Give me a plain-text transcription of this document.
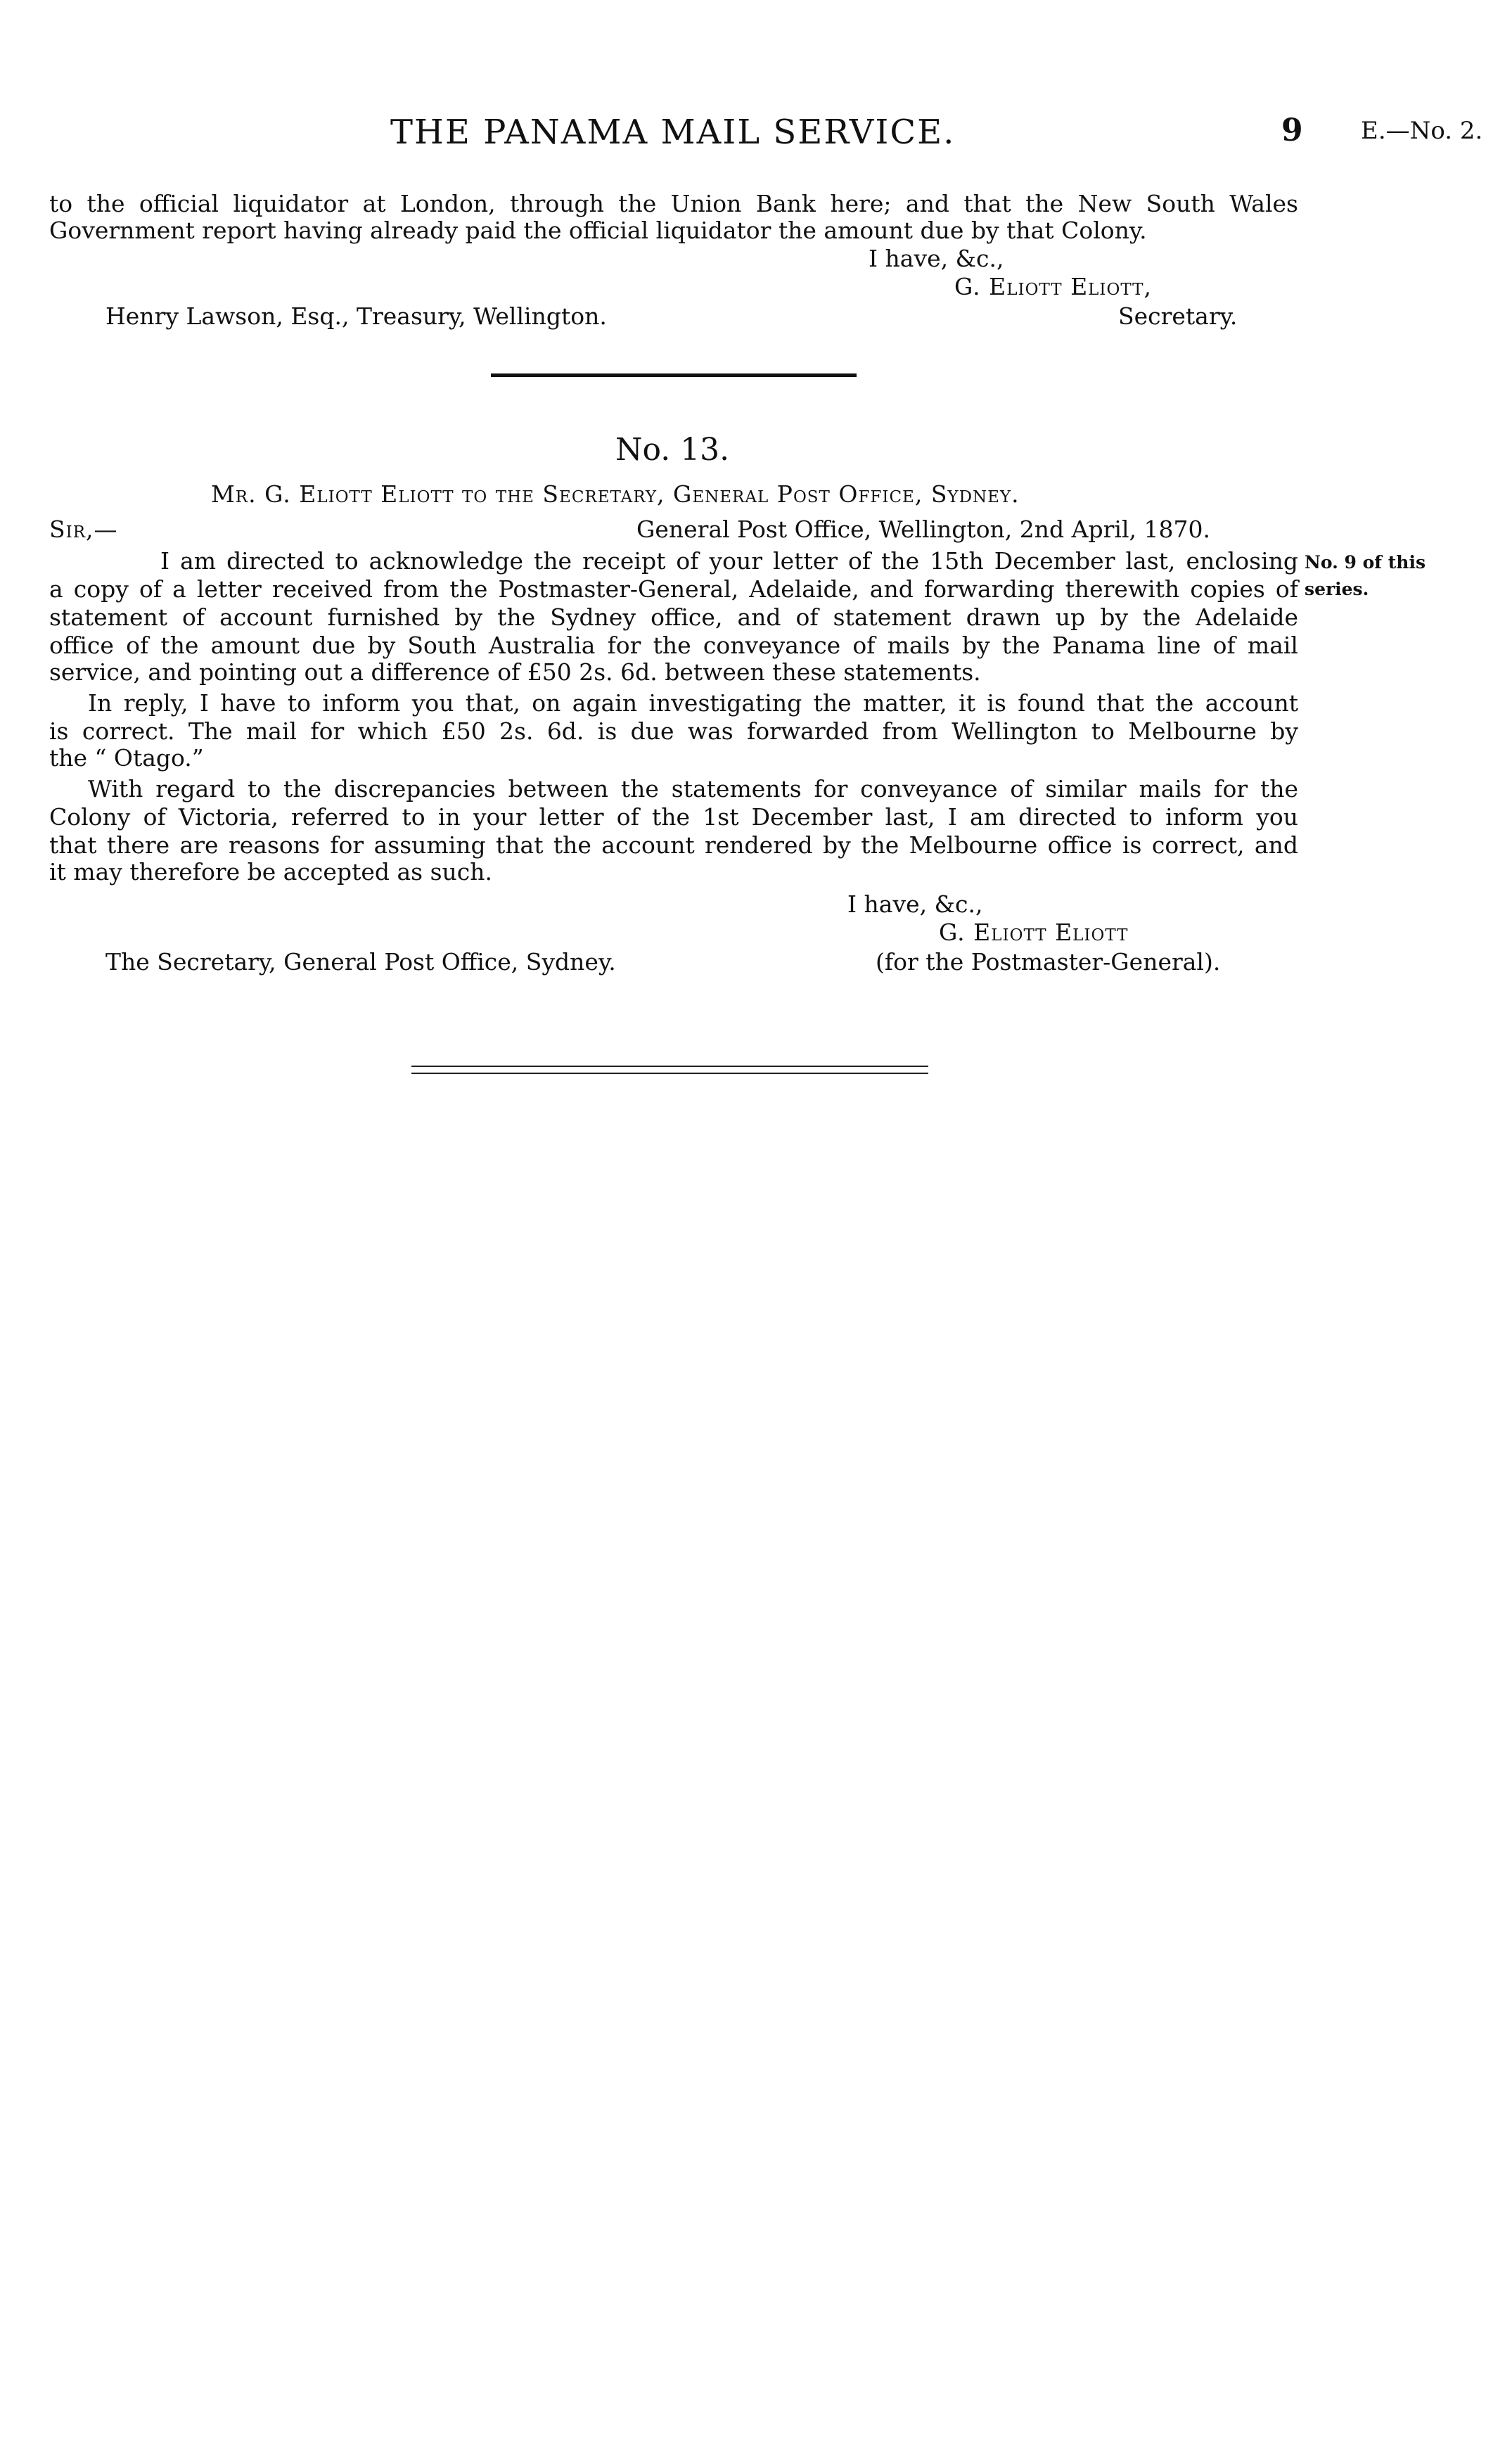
THE PANAMA MAIL SERVICE.	9 E.—No. 2.
to the official liquidator at London, through the Union Bank here; and that the New South Wales
Government report having already paid the official liquidator the amount due by that Colony.
I have, &c.,
G. Eliott Eliott,
Henry Lawson, Esq., Treasury, Wellington.	Secretary.
No. 13.
Mr. G. Eliott Eliott to the Secretary, General Post Office, Sydney.
Sir,—	General Post Office, Wellington, 2nd April, 1870.
I am directed to acknowledge the receipt of your letter of the 15th December last, enclosing
a copy of a letter received from the Postmaster-General, Adelaide, and forwarding therewith copies of
statement of account furnished by the Sydney office, and of statement drawn up by the Adelaide
office of the amount due by South Australia for the conveyance of mails by the Panama line of mail
service, and pointing out a difference of £50 2s. 6d. between these statements.
No. 9 of this
series.
In reply, I have to inform you that, on again investigating the matter, it is found that the account
is correct. The mail for which £50 2s. 6d. is due was forwarded from Wellington to Melbourne by
the “ Otago.”
With regard to the discrepancies between the statements for conveyance of similar mails for the
Colony of Victoria, referred to in your letter of the 1st December last, I am directed to inform you
that there are reasons for assuming that the account rendered by the Melbourne office is correct, and
it may therefore be accepted as such.
I have, &c.,
G. Eliott Eliott
The Secretary, General Post Office, Sydney.	(for the Postmaster-General).
